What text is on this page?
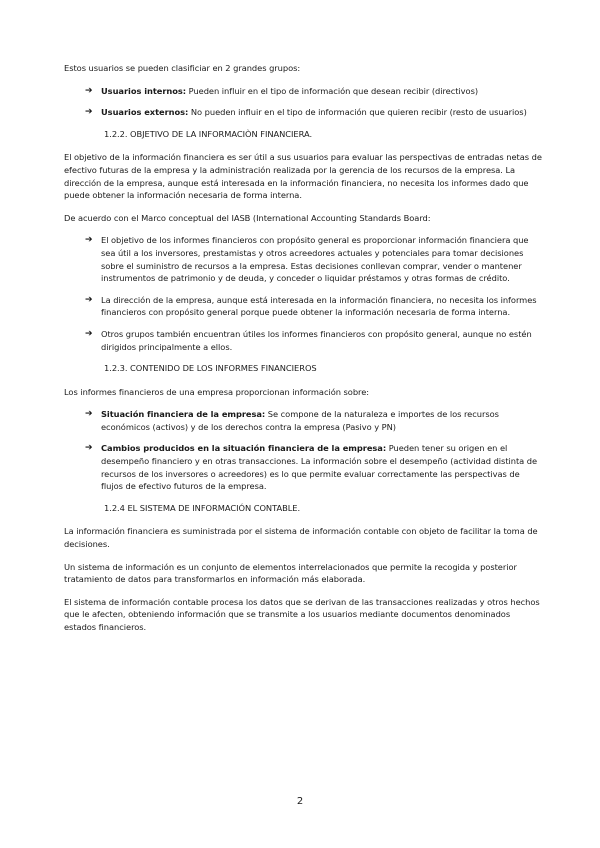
Estos usuarios se pueden clasificiar en 2 grandes grupos:

➔ Usuarios internos: Pueden influir en el tipo de información que desean recibir (directivos)
➔ Usuarios externos: No pueden influir en el tipo de información que quieren recibir (resto de usuarios)
1.2.2. OBJETIVO DE LA INFORMACIÒN FINANCIERA.

El objetivo de la información financiera es ser útil a sus usuarios para evaluar las perspectivas de entradas netas de efectivo futuras de la empresa y la administración realizada por la gerencia de los recursos de la empresa. La dirección de la empresa, aunque está interesada en la información financiera, no necesita los informes dado que puede obtener la información necesaria de forma interna.

De acuerdo con el Marco conceptual del IASB (International Accounting Standards Board:

➔ El objetivo de los informes financieros con propósito general es proporcionar información financiera que sea útil a los inversores, prestamistas y otros acreedores actuales y potenciales para tomar decisiones sobre el suministro de recursos a la empresa. Estas decisiones conllevan comprar, vender o mantener instrumentos de patrimonio y de deuda, y conceder o liquidar préstamos y otras formas de crédito.
➔ La dirección de la empresa, aunque está interesada en la información financiera, no necesita los informes financieros con propósito general porque puede obtener la información necesaria de forma interna.
➔ Otros grupos también encuentran útiles los informes financieros con propósito general, aunque no estén dirigidos principalmente a ellos.
1.2.3. CONTENIDO DE LOS INFORMES FINANCIEROS

Los informes financieros de una empresa proporcionan información sobre:

➔ Situación financiera de la empresa: Se compone de la naturaleza e importes de los recursos económicos (activos) y de los derechos contra la empresa (Pasivo y PN)
➔ Cambios producidos en la situación financiera de la empresa: Pueden tener su origen en el desempeño financiero y en otras transacciones. La información sobre el desempeño (actividad distinta de recursos de los inversores o acreedores) es lo que permite evaluar correctamente las perspectivas de flujos de efectivo futuros de la empresa.
1.2.4 EL SISTEMA DE INFORMACIÓN CONTABLE.

La información financiera es suministrada por el sistema de información contable con objeto de facilitar la toma de decisiones.

Un sistema de información es un conjunto de elementos interrelacionados que permite la recogida y posterior tratamiento de datos para transformarlos en información más elaborada.

El sistema de información contable procesa los datos que se derivan de las transacciones realizadas y otros hechos que le afecten, obteniendo información que se transmite a los usuarios mediante documentos denominados estados financieros.

2
